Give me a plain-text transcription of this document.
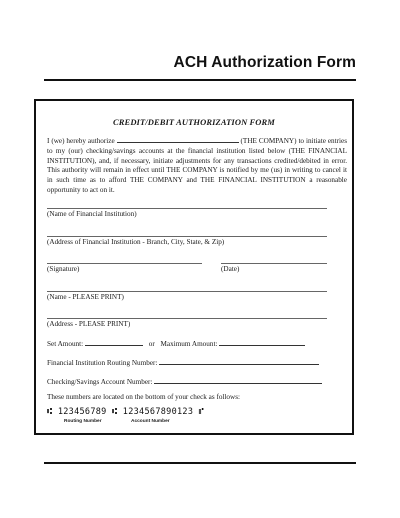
ACH Authorization Form
CREDIT/DEBIT AUTHORIZATION FORM
I (we) hereby authorize	(THE COMPANY) to initiate entries to my (our) checking/savings accounts at the financial institution listed below (THE FINANCIAL INSTITUTION), and, if necessary, initiate adjustments for any transactions credited/debited in error. This authority will remain in effect until THE COMPANY is notified by me (us) in writing to cancel it in such time as to afford THE COMPANY and THE FINANCIAL INSTITUTION a reasonable opportunity to act on it.
(Name of Financial Institution)
(Address of Financial Institution - Branch, City, State, & Zip)
(Signature)	(Date)
(Name - PLEASE PRINT)
(Address - PLEASE PRINT)
Set Amount:	or Maximum Amount:
Financial Institution Routing Number:
Checking/Savings Account Number:
These numbers are located on the bottom of your check as follows:
⑆ 123456789 ⑆ 1234567890123 ⑈
Routing Number	Account Number
